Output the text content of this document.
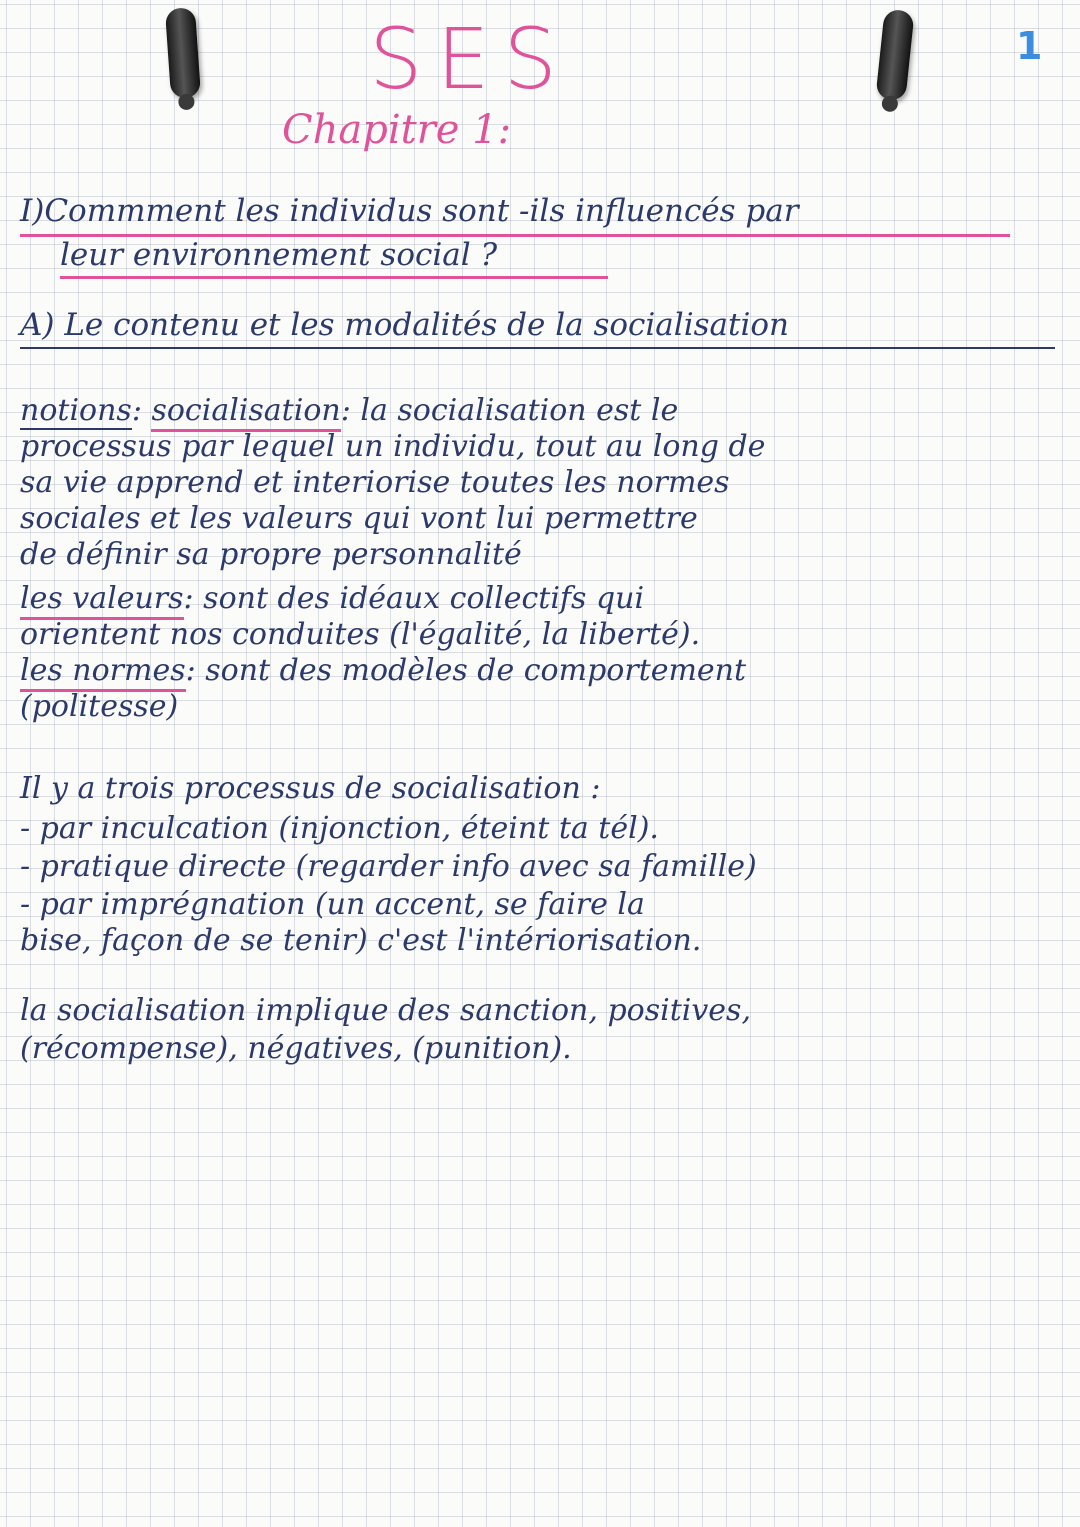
SES
Chapitre 1:
1
I)Commment les individus sont -ils influencés par
leur environnement social ?
A) Le contenu et les modalités de la socialisation
notions: socialisation: la socialisation est le
processus par lequel un individu, tout au long de
sa vie apprend et interiorise toutes les normes
sociales et les valeurs qui vont lui permettre
de définir sa propre personnalité
les valeurs: sont des idéaux collectifs qui
orientent nos conduites (l'égalité, la liberté).
les normes: sont des modèles de comportement
(politesse)
Il y a trois processus de socialisation :
- par inculcation (injonction, éteint ta tél).
- pratique directe (regarder info avec sa famille)
- par imprégnation (un accent, se faire la
bise, façon de se tenir) c'est l'intériorisation.
la socialisation implique des sanction, positives,
(récompense), négatives, (punition).
